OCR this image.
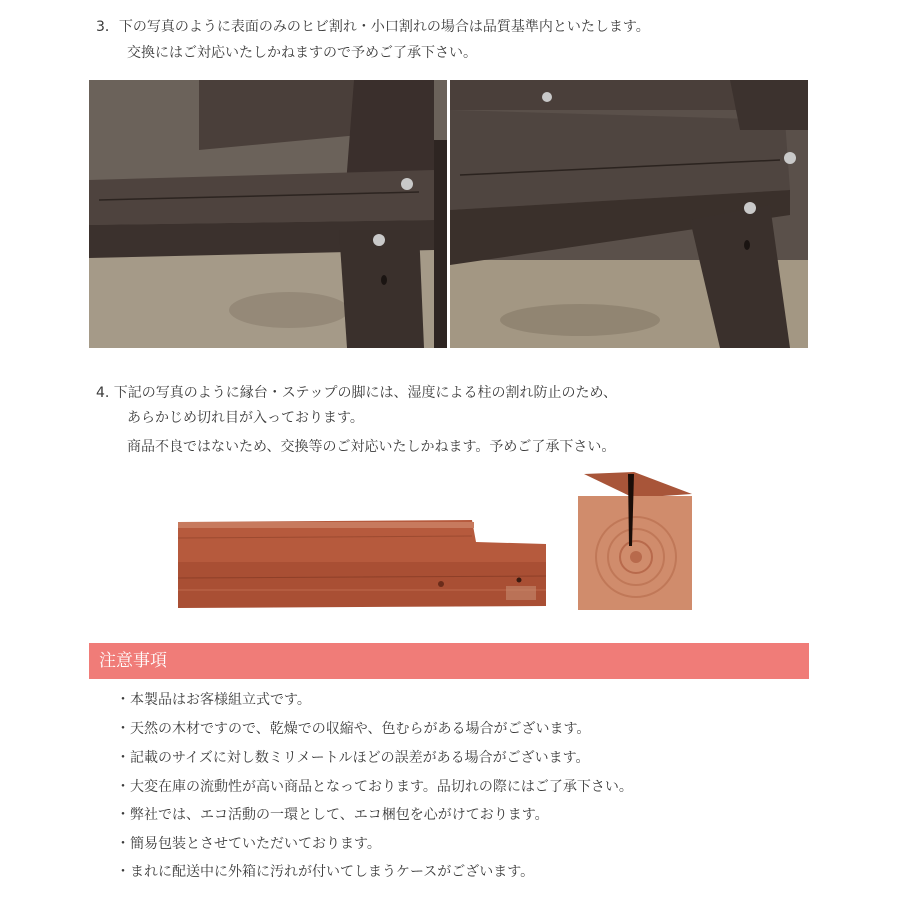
3．下の写真のように表面のみのヒビ割れ・小口割れの場合は品質基準内といたします。
交換にはご対応いたしかねますので予めご了承下さい。
4. 下記の写真のように縁台・ステップの脚には、湿度による柱の割れ防止のため、
あらかじめ切れ目が入っております。
商品不良ではないため、交換等のご対応いたしかねます。予めご了承下さい。
注意事項
・本製品はお客様組立式です。
・天然の木材ですので、乾燥での収縮や、色むらがある場合がございます。
・記載のサイズに対し数ミリメートルほどの誤差がある場合がございます。
・大変在庫の流動性が高い商品となっております。品切れの際にはご了承下さい。
・弊社では、エコ活動の一環として、エコ梱包を心がけております。
・簡易包装とさせていただいております。
・まれに配送中に外箱に汚れが付いてしまうケースがございます。
